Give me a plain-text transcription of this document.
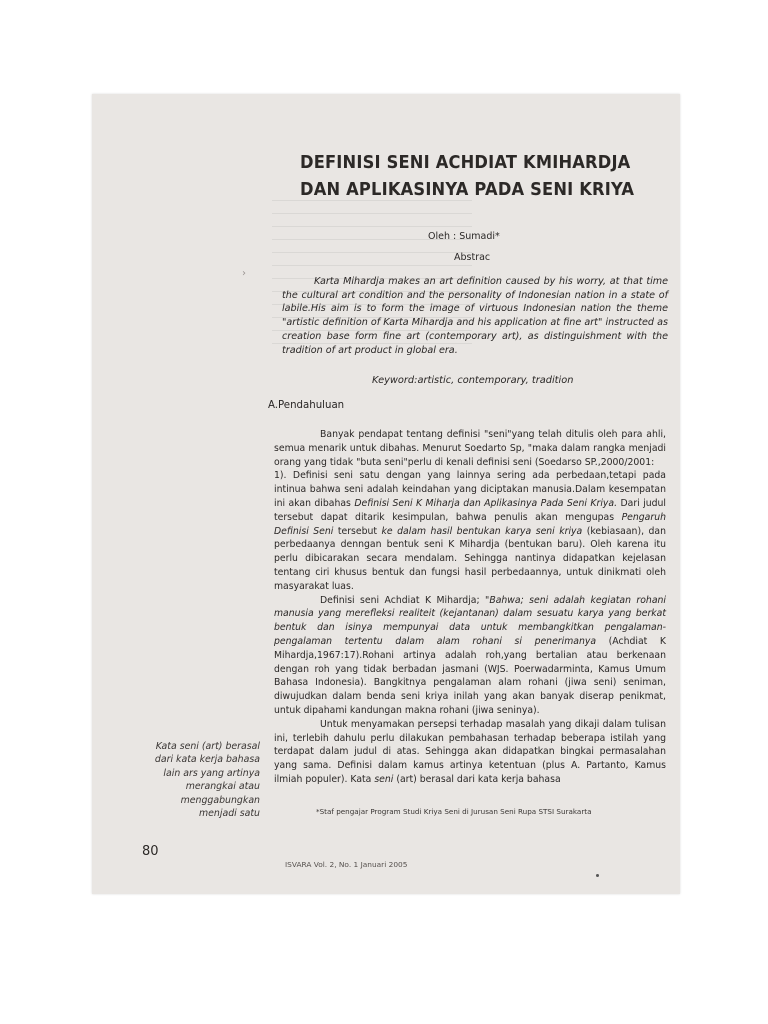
›
DEFINISI SENI ACHDIAT KMIHARDJA
DAN APLIKASINYA PADA SENI KRIYA
Oleh : Sumadi*
Abstrac
Karta Mihardja makes an art definition caused by his worry, at that time the cultural art condition and the personality of Indonesian nation in a state of labile.His aim is to form the image of virtuous Indonesian nation the theme "artistic definition of Karta Mihardja and his application at fine art" instructed as creation base form fine art (contemporary art), as distinguishment with the tradition of art product in global era.
Keyword:artistic, contemporary, tradition
A.Pendahuluan

Banyak pendapat tentang definisi "seni"yang telah ditulis oleh para ahli, semua menarik untuk dibahas. Menurut Soedarto Sp, "maka dalam rangka menjadi orang yang tidak "buta seni"perlu di kenali definisi seni (Soedarso SP.,2000/2001:

1). Definisi seni satu dengan yang lainnya sering ada perbedaan,tetapi pada intinua bahwa seni adalah keindahan yang diciptakan manusia.Dalam kesempatan ini akan dibahas Definisi Seni K Miharja dan Aplikasinya Pada Seni Kriya. Dari judul tersebut dapat ditarik kesimpulan, bahwa penulis akan mengupas Pengaruh Definisi Seni tersebut ke dalam hasil bentukan karya seni kriya (kebiasaan), dan perbedaanya denngan bentuk seni K Mihardja (bentukan baru). Oleh karena itu perlu dibicarakan secara mendalam. Sehingga nantinya didapatkan kejelasan tentang ciri khusus bentuk dan fungsi hasil perbedaannya, untuk dinikmati oleh masyarakat luas.

Definisi seni Achdiat K Mihardja; "Bahwa; seni adalah kegiatan rohani manusia yang merefleksi realiteit (kejantanan) dalam sesuatu karya yang berkat bentuk dan isinya mempunyai data untuk membangkitkan pengalaman-pengalaman tertentu dalam alam rohani si penerimanya (Achdiat K Mihardja,1967:17).Rohani artinya adalah roh,yang bertalian atau berkenaan dengan roh yang tidak berbadan jasmani (WJS. Poerwadarminta, Kamus Umum Bahasa Indonesia). Bangkitnya pengalaman alam rohani (jiwa seni) seniman, diwujudkan dalam benda seni kriya inilah yang akan banyak diserap penikmat, untuk dipahami kandungan makna rohani (jiwa seninya).

Untuk menyamakan persepsi terhadap masalah yang dikaji dalam tulisan ini, terlebih dahulu perlu dilakukan pembahasan terhadap beberapa istilah yang terdapat dalam judul di atas. Sehingga akan didapatkan bingkai permasalahan yang sama. Definisi dalam kamus artinya ketentuan (plus A. Partanto, Kamus ilmiah populer). Kata seni (art) berasal dari kata kerja bahasa

Kata seni (art) berasal dari kata kerja bahasa lain ars yang artinya merangkai atau menggabungkan menjadi satu	*Staf pengajar Program Studi Kriya Seni di Jurusan Seni Rupa STSI Surakarta
80
ISVARA Vol. 2, No. 1 Januari 2005
